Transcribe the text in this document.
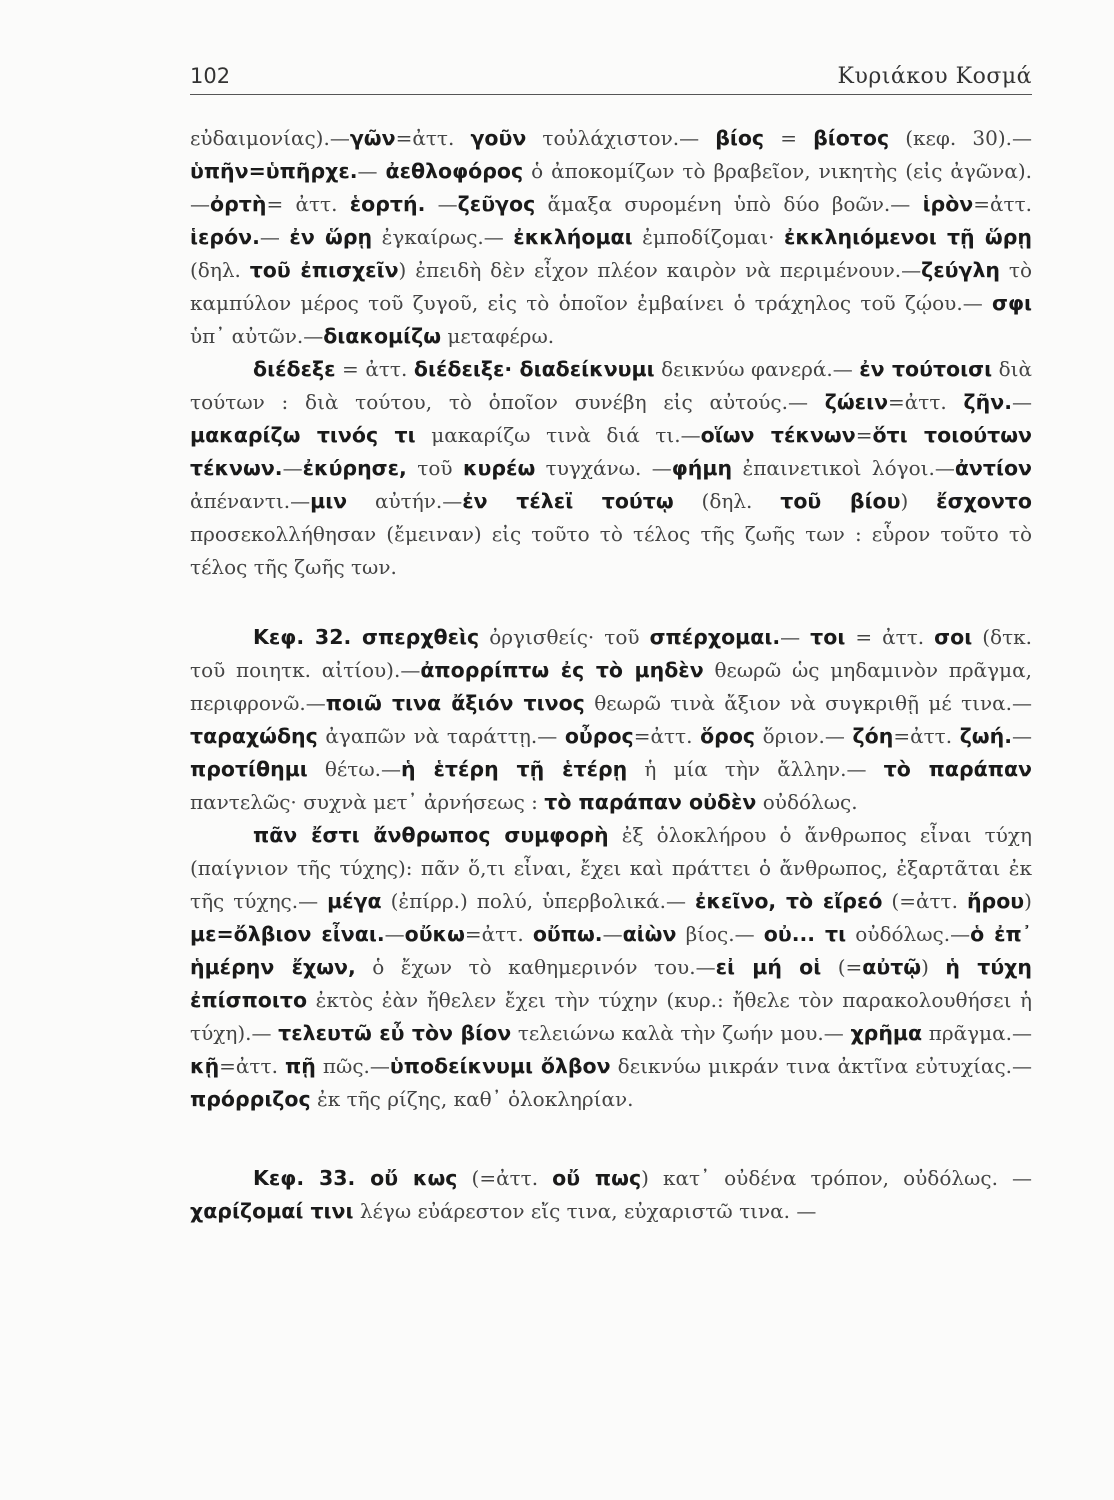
102	Κυριάκου Κοσμά

εὐδαιμονίας).—γῶν=ἀττ. γοῦν τοὐλάχιστον.— βίος = βίοτος (κεφ. 30).— ὑπῆν=ὑπῆρχε.— ἀεθλοφόρος ὁ ἀποκομίζων τὸ βραβεῖον, νικητὴς (εἰς ἀγῶνα).—ὀρτὴ= ἀττ. ἑορτή. —ζεῦγος ἅμαξα συρομένη ὑπὸ δύο βοῶν.— ἱρὸν=ἀττ. ἱερόν.— ἐν ὥρῃ ἐγκαίρως.— ἐκκλήομαι ἐμποδίζομαι· ἐκκληιόμενοι τῇ ὥρῃ (δηλ. τοῦ ἐπισχεῖν) ἐπειδὴ δὲν εἶχον πλέον καιρὸν νὰ περιμένουν.—ζεύγλη τὸ καμπύλον μέρος τοῦ ζυγοῦ, εἰς τὸ ὁποῖον ἐμβαίνει ὁ τράχηλος τοῦ ζῴου.— σφι ὑπ᾿ αὐτῶν.—διακομίζω μεταφέρω.

διέδεξε = ἀττ. διέδειξε· διαδείκνυμι δεικνύω φανερά.— ἐν τούτοισι διὰ τούτων : διὰ τούτου, τὸ ὁποῖον συνέβη εἰς αὐτούς.— ζώειν=ἀττ. ζῆν.—μακαρίζω τινός τι μακαρίζω τινὰ διά τι.—οἵων τέκνων=ὅτι τοιούτων τέκνων.—ἐκύρησε, τοῦ κυρέω τυγχάνω. —φήμη ἐπαινετικοὶ λόγοι.—ἀντίον ἀπέναντι.—μιν αὐτήν.—ἐν τέλεϊ τούτῳ (δηλ. τοῦ βίου) ἔσχοντο προσεκολλήθησαν (ἔμειναν) εἰς τοῦτο τὸ τέλος τῆς ζωῆς των : εὗρον τοῦτο τὸ τέλος τῆς ζωῆς των.

Κεφ. 32. σπερχθεὶς ὀργισθείς· τοῦ σπέρχομαι.— τοι = ἀττ. σοι (δτκ. τοῦ ποιητκ. αἰτίου).—ἀπορρίπτω ἐς τὸ μηδὲν θεωρῶ ὡς μηδαμινὸν πρᾶγμα, περιφρονῶ.—ποιῶ τινα ἄξιόν τινος θεωρῶ τινὰ ἄξιον νὰ συγκριθῇ μέ τινα.—ταραχώδης ἀγαπῶν νὰ ταράττῃ.— οὖρος=ἀττ. ὅρος ὅριον.— ζόη=ἀττ. ζωή.— προτίθημι θέτω.—ἡ ἑτέρη τῇ ἑτέρῃ ἡ μία τὴν ἄλλην.— τὸ παράπαν παντελῶς· συχνὰ μετ᾿ ἀρνήσεως : τὸ παράπαν οὐδὲν οὐδόλως.

πᾶν ἔστι ἄνθρωπος συμφορὴ ἐξ ὁλοκλήρου ὁ ἄνθρωπος εἶναι τύχη (παίγνιον τῆς τύχης): πᾶν ὅ,τι εἶναι, ἔχει καὶ πράττει ὁ ἄνθρωπος, ἐξαρτᾶται ἐκ τῆς τύχης.— μέγα (ἐπίρρ.) πολύ, ὑπερβολικά.— ἐκεῖνο, τὸ εἴρεό (=ἀττ. ἤρου) με=ὄλβιον εἶναι.—οὔκω=ἀττ. οὔπω.—αἰὼν βίος.— οὐ... τι οὐδόλως.—ὁ ἐπ᾿ ἡμέρην ἔχων, ὁ ἔχων τὸ καθημερινόν του.—εἰ μή οἱ (=αὐτῷ) ἡ τύχη ἐπίσποιτο ἐκτὸς ἐὰν ἤθελεν ἔχει τὴν τύχην (κυρ.: ἤθελε τὸν παρακολουθήσει ἡ τύχη).— τελευτῶ εὖ τὸν βίον τελειώνω καλὰ τὴν ζωήν μου.— χρῆμα πρᾶγμα.—κῇ=ἀττ. πῇ πῶς.—ὑποδείκνυμι ὄλβον δεικνύω μικράν τινα ἀκτῖνα εὐτυχίας.—πρόρριζος ἐκ τῆς ρίζης, καθ᾿ ὁλοκληρίαν.

Κεφ. 33. οὔ κως (=ἀττ. οὔ πως) κατ᾿ οὐδένα τρόπον, οὐδόλως. — χαρίζομαί τινι λέγω εὐάρεστον εἴς τινα, εὐχαριστῶ τινα. —
